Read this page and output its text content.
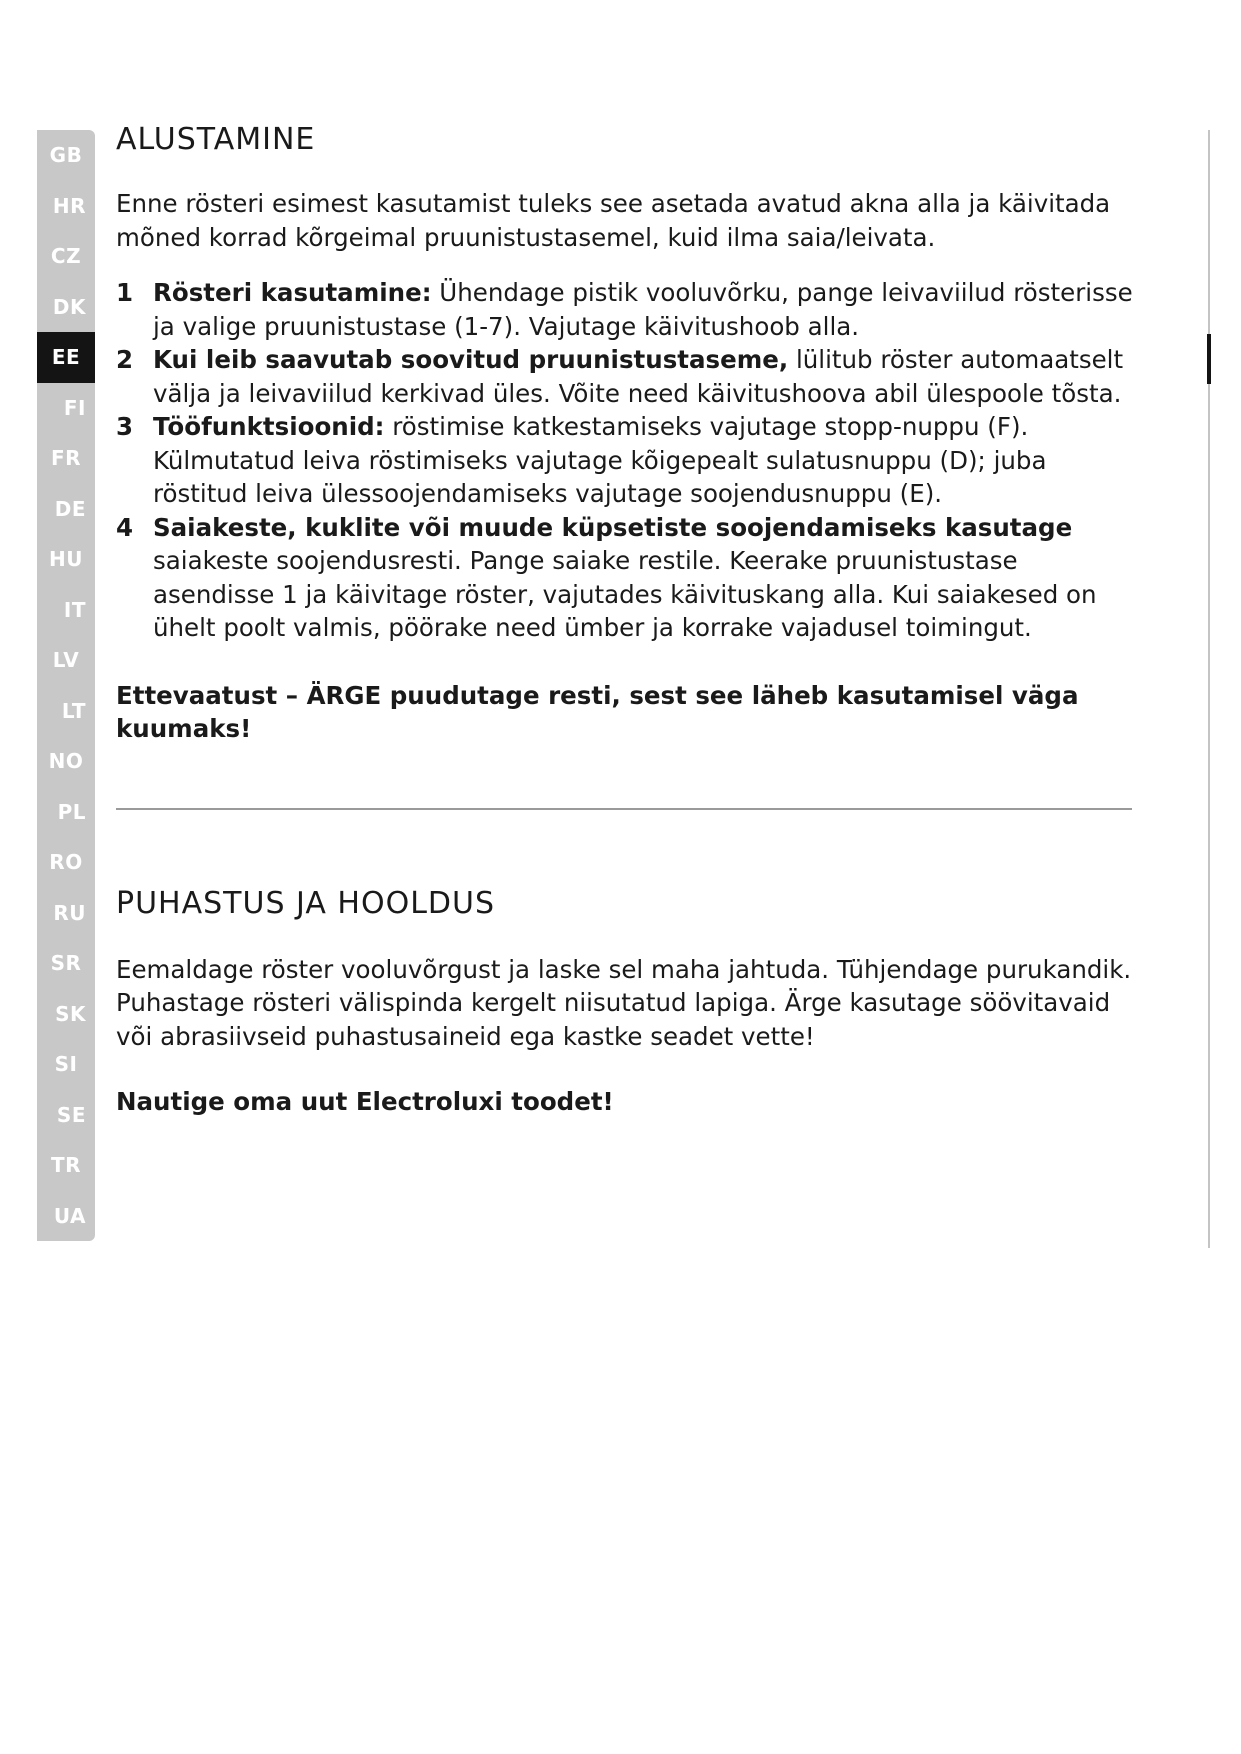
GB
HR
CZ
DK
EE
FI
FR
DE
HU
IT
LV
LT
NO
PL
RO
RU
SR
SK
SI
SE
TR
UA
ALUSTAMINE

Enne rösteri esimest kasutamist tuleks see asetada avatud akna alla ja käivitada mõned korrad kõrgeimal pruunistustasemel, kuid ilma saia/leivata.

1 Rösteri kasutamine: Ühendage pistik vooluvõrku, pange leivaviilud rösterisse ja valige pruunistustase (1-7). Vajutage käivitushoob alla.
2 Kui leib saavutab soovitud pruunistustaseme, lülitub röster automaatselt välja ja leivaviilud kerkivad üles. Võite need käivitushoova abil ülespoole tõsta.
3 Tööfunktsioonid: röstimise katkestamiseks vajutage stopp-nuppu (F). Külmutatud leiva röstimiseks vajutage kõigepealt sulatusnuppu (D); juba röstitud leiva ülessoojendamiseks vajutage soojendusnuppu (E).
4 Saiakeste, kuklite või muude küpsetiste soojendamiseks kasutage saiakeste soojendusresti. Pange saiake restile. Keerake pruunistustase asendisse 1 ja käivitage röster, vajutades käivituskang alla. Kui saiakesed on ühelt poolt valmis, pöörake need ümber ja korrake vajadusel toimingut.

Ettevaatust – ÄRGE puudutage resti, sest see läheb kasutamisel väga kuumaks!

PUHASTUS JA HOOLDUS

Eemaldage röster vooluvõrgust ja laske sel maha jahtuda. Tühjendage purukandik. Puhastage rösteri välispinda kergelt niisutatud lapiga. Ärge kasutage söövitavaid või abrasiivseid puhastusaineid ega kastke seadet vette!

Nautige oma uut Electroluxi toodet!
